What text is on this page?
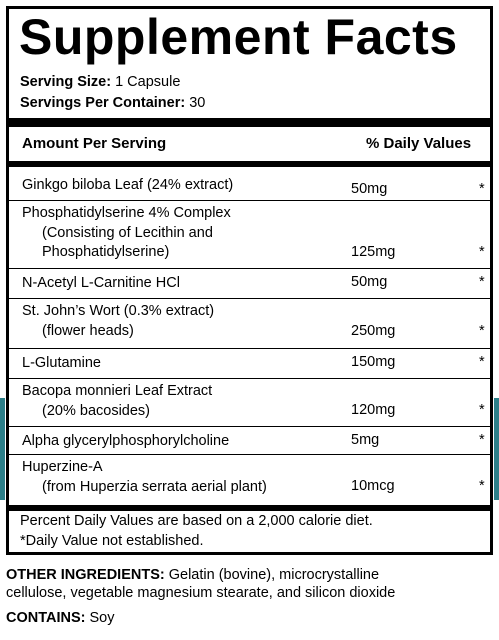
Supplement Facts
Serving Size: 1 Capsule
Servings Per Container: 30
Amount Per Serving	% Daily Values
Ginkgo biloba Leaf (24% extract)	50mg	*
Phosphatidylserine 4% Complex
(Consisting of Lecithin and
Phosphatidylserine)	125mg	*
N-Acetyl L-Carnitine HCl	50mg	*
St. John’s Wort (0.3% extract)
(flower heads)	250mg	*
L-Glutamine	150mg	*
Bacopa monnieri Leaf Extract
(20% bacosides)	120mg	*
Alpha glycerylphosphorylcholine	5mg	*
Huperzine-A
(from Huperzia serrata aerial plant)	10mcg	*
Percent Daily Values are based on a 2,000 calorie diet.
*Daily Value not established.
OTHER INGREDIENTS: Gelatin (bovine), microcrystalline
cellulose, vegetable magnesium stearate, and silicon dioxide
CONTAINS: Soy
